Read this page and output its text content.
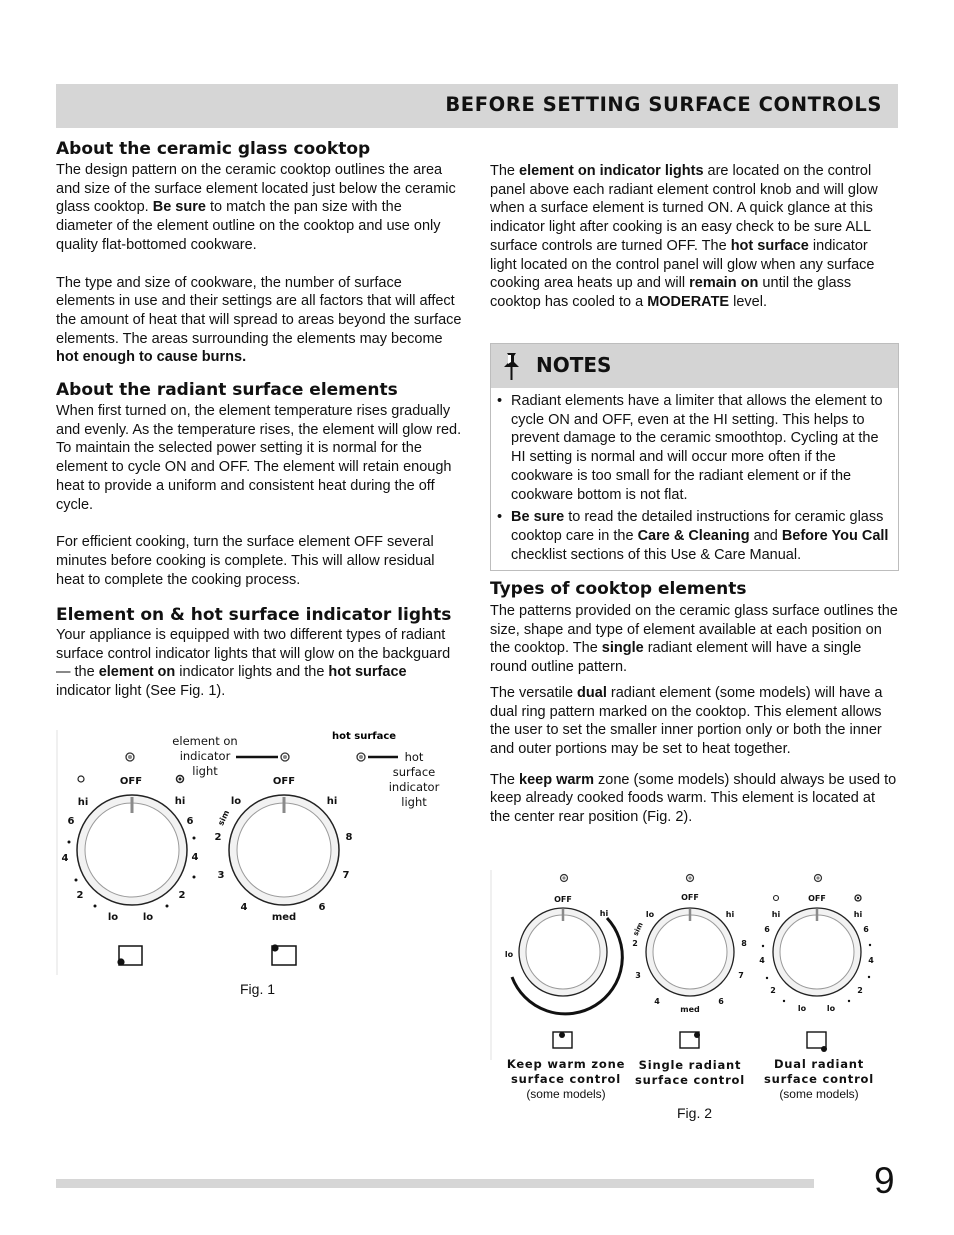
BEFORE SETTING SURFACE CONTROLS
About the ceramic glass cooktop

The design pattern on the ceramic cooktop outlines the area and size of the surface element located just below the ceramic glass cooktop. Be sure to match the pan size with the diameter of the element outline on the cooktop and use only quality flat-bottomed cookware.

The type and size of cookware, the number of surface elements in use and their settings are all factors that will affect the amount of heat that will spread to areas beyond the surface elements. The areas surrounding the elements may become hot enough to cause burns.

About the radiant surface elements

When first turned on, the element temperature rises gradually and evenly. As the temperature rises, the element will glow red. To maintain the selected power setting it is normal for the element to cycle ON and OFF. The element will retain enough heat to provide a uniform and consistent heat during the off cycle.

For efficient cooking, turn the surface element OFF several minutes before cooking is complete. This will allow residual heat to complete the cooking process.

Element on & hot surface indicator lights

Your appliance is equipped with two different types of radiant surface control indicator lights that will glow on the backguard — the element on indicator lights and the hot surface indicator light (See Fig. 1).

element on
indicator
light
hot
surface
indicator
light
hot surface
OFF
hi	hi
6	6
4	4
2	2
lo lo
OFF
lo	hi
sim
2
3
4
med
6
7
8
Fig. 1

The element on indicator lights are located on the control panel above each radiant element control knob and will glow when a surface element is turned ON. A quick glance at this indicator light after cooking is an easy check to be sure ALL surface controls are turned OFF. The hot surface indicator light located on the control panel will glow when any surface cooking area heats up and will remain on until the glass cooktop has cooled to a MODERATE level.

NOTES
• Radiant elements have a limiter that allows the element to cycle ON and OFF, even at the HI setting. This helps to prevent damage to the ceramic smoothtop. Cycling at the HI setting is normal and will occur more often if the cookware is too small for the radiant element or if the cookware bottom is not flat.
• Be sure to read the detailed instructions for ceramic glass cooktop care in the Care & Cleaning and Before You Call checklist sections of this Use & Care Manual.
Types of cooktop elements

The patterns provided on the ceramic glass surface outlines the size, shape and type of element available at each position on the cooktop. The single radiant element will have a single round outline pattern.

The versatile dual radiant element (some models) will have a dual ring pattern marked on the cooktop. This element allows the user to set the smaller inner portion only or both the inner and outer portions may be set to heat together.

The keep warm zone (some models) should always be used to keep already cooked foods warm. This element is located at the center rear position (Fig. 2).

OFF
hi
lo
OFF
lo	hi
sim
2
3
4
med
6
7
8
OFF
hi	hi
6	6
4	4
2	2
lo	lo
Keep warm zone
surface control
(some models)
Single radiant
surface control
Dual radiant
surface control
(some models)
Fig. 2
9
